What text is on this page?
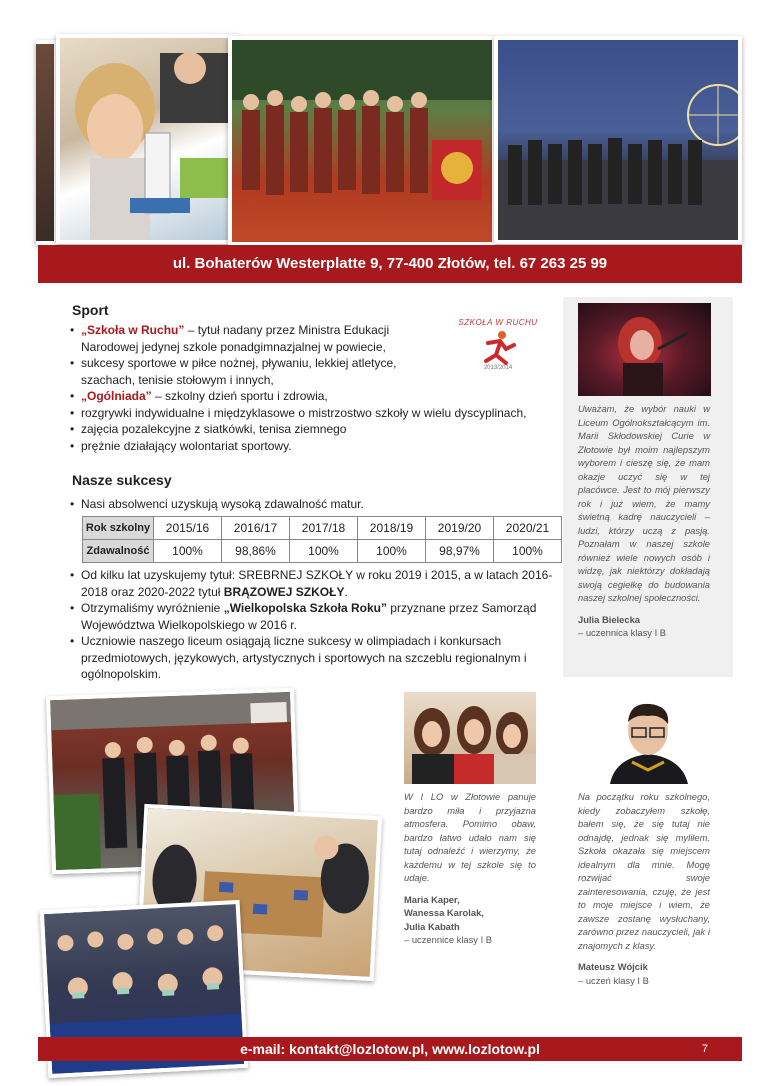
ul. Bohaterów Westerplatte 9, 77-400 Złotów, tel. 67 263 25 99
Sport
• „Szkoła w Ruchu” – tytuł nadany przez Ministra Edukacji Narodowej jedynej szkole ponadgimnazjalnej w powiecie,
• sukcesy sportowe w piłce nożnej, pływaniu, lekkiej atletyce, szachach, tenisie stołowym i innych,
• „Ogólniada” – szkolny dzień sportu i zdrowia,
• rozgrywki indywidualne i międzyklasowe o mistrzostwo szkoły w wielu dyscyplinach,
• zajęcia pozalekcyjne z siatkówki, tenisa ziemnego
• prężnie działający wolontariat sportowy.
SZKOŁA W RUCHU
2013/2014
Nasze sukcesy
• Nasi absolwenci uzyskują wysoką zdawalność matur.
Rok szkolny	2015/16	2016/17	2017/18	2018/19	2019/20	2020/21
Zdawalność	100%	98,86%	100%	100%	98,97%	100%
• Od kilku lat uzyskujemy tytuł: SREBRNEJ SZKOŁY w roku 2019 i 2015, a w latach 2016-2018 oraz 2020-2022 tytuł BRĄZOWEJ SZKOŁY.
• Otrzymaliśmy wyróżnienie „Wielkopolska Szkoła Roku” przyznane przez Samorząd Województwa Wielkopolskiego w 2016 r.
• Uczniowie naszego liceum osiągają liczne sukcesy w olimpiadach i konkursach przedmiotowych, językowych, artystycznych i sportowych na szczeblu regionalnym i ogólnopolskim.
Uważam, że wybór nauki w Liceum Ogólnokształcącym im. Marii Skłodowskiej Curie w Złotowie był moim najlepszym wyborem i cieszę się, że mam okazje uczyć się w tej placówce. Jest to mój pierwszy rok i już wiem, że mamy świetną kadrę nauczycieli – ludzi, którzy uczą z pasją. Poznałam w naszej szkole również wiele nowych osób i widzę, jak niektórzy dokładają swoją cegiełkę do budowania naszej szkolnej społeczności.
Julia Bielecka
– uczennica klasy I B
W I LO w Złotowie panuje bardzo miła i przyjazna atmosfera. Pomimo obaw, bardzo łatwo udało nam się tutaj odnaleźć i wierzymy, że każdemu w tej szkole się to udaje.
Maria Kaper,
Wanessa Karolak,
Julia Kabath
– uczennice klasy I B
Na początku roku szkolnego, kiedy zobaczyłem szkołę, bałem się, że się tutaj nie odnajdę, jednak się myliłem. Szkoła okazała się miejscem idealnym dla mnie. Mogę rozwijać swoje zainteresowania, czuję, że jest to moje miejsce i wiem, że zawsze zostanę wysłuchany, zarówno przez nauczycieli, jak i znajomych z klasy.
Mateusz Wójcik
– uczeń klasy I B
e-mail: kontakt@lozlotow.pl, www.lozlotow.pl	7
